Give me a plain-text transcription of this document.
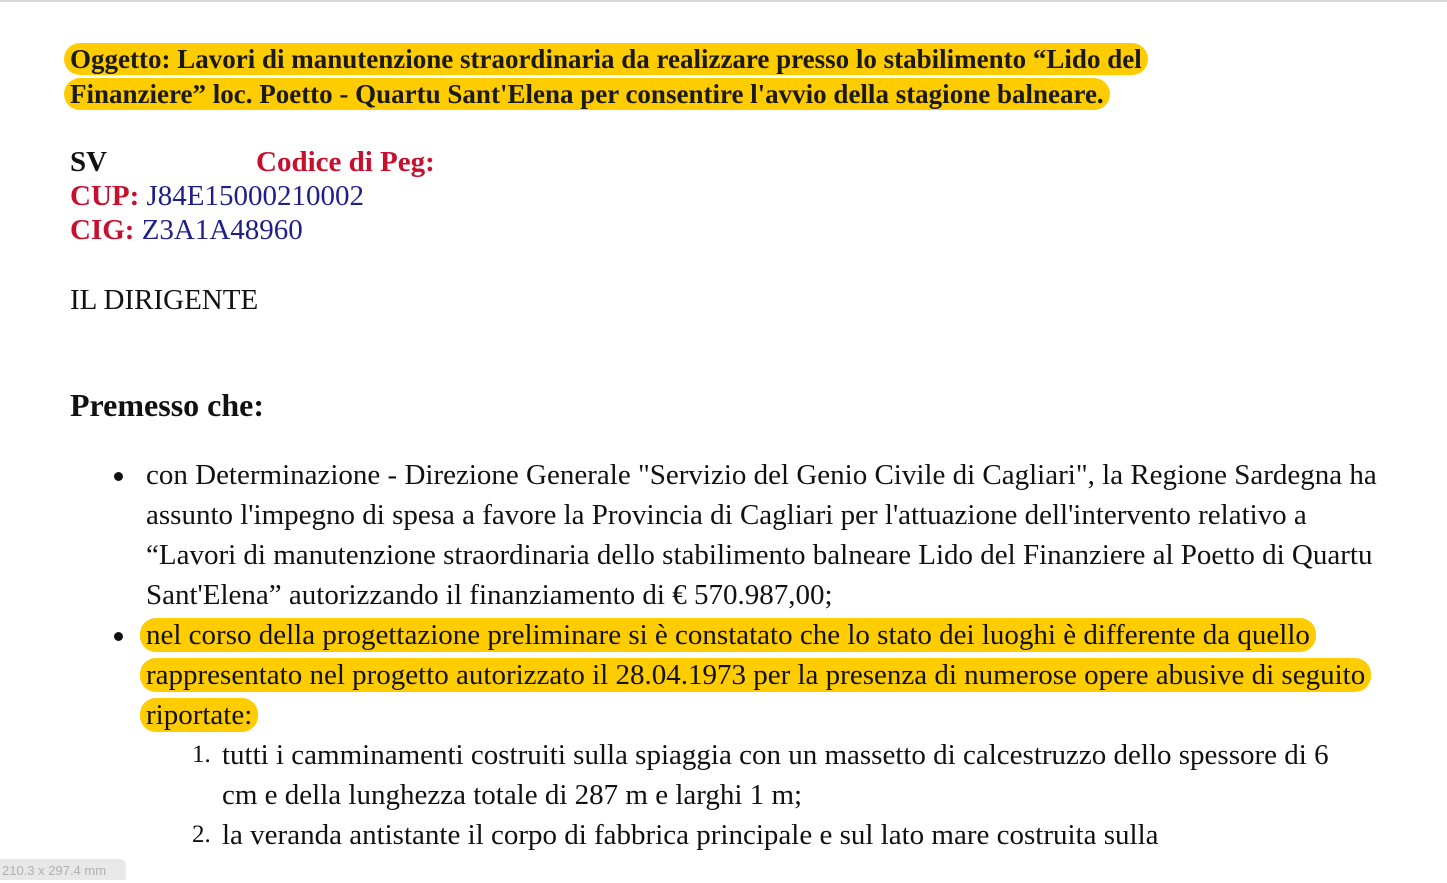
Oggetto: Lavori di manutenzione straordinaria da realizzare presso lo stabilimento “Lido del
Finanziere” loc. Poetto - Quartu Sant'Elena per consentire l'avvio della stagione balneare.
SV	Codice di Peg:
CUP: J84E15000210002
CIG: Z3A1A48960
IL DIRIGENTE
Premesso che:
con Determinazione - Direzione Generale "Servizio del Genio Civile di Cagliari", la Regione Sardegna ha assunto l'impegno di spesa a favore la Provincia di Cagliari per l'attuazione dell'intervento relativo a “Lavori di manutenzione straordinaria dello stabilimento balneare Lido del Finanziere al Poetto di Quartu Sant'Elena” autorizzando il finanziamento di € 570.987,00;
nel corso della progettazione preliminare si è constatato che lo stato dei luoghi è differente da quello rappresentato nel progetto autorizzato il 28.04.1973 per la presenza di numerose opere abusive di seguito riportate:
1. tutti i camminamenti costruiti sulla spiaggia con un massetto di calcestruzzo dello spessore di 6 cm e della lunghezza totale di 287 m e larghi 1 m;
2. la veranda antistante il corpo di fabbrica principale e sul lato mare costruita sulla
210.3 x 297.4 mm
